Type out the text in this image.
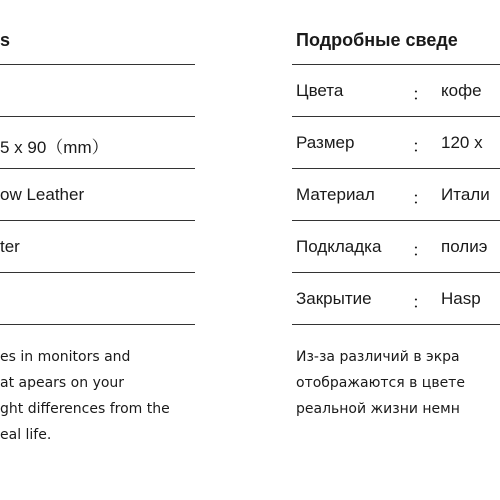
s
5 x 90（mm）
ow Leather
ter
es in monitors and
at apears on your
ght differences from the
eal life.
Подробные сведе
Цвета	： кофе
Размер	： 120 x
Материал ： Итали
Подкладка ： полиэ
Закрытие ： Hasp
Из-за различий в экра
отображаются в цвете
реальной жизни немн
